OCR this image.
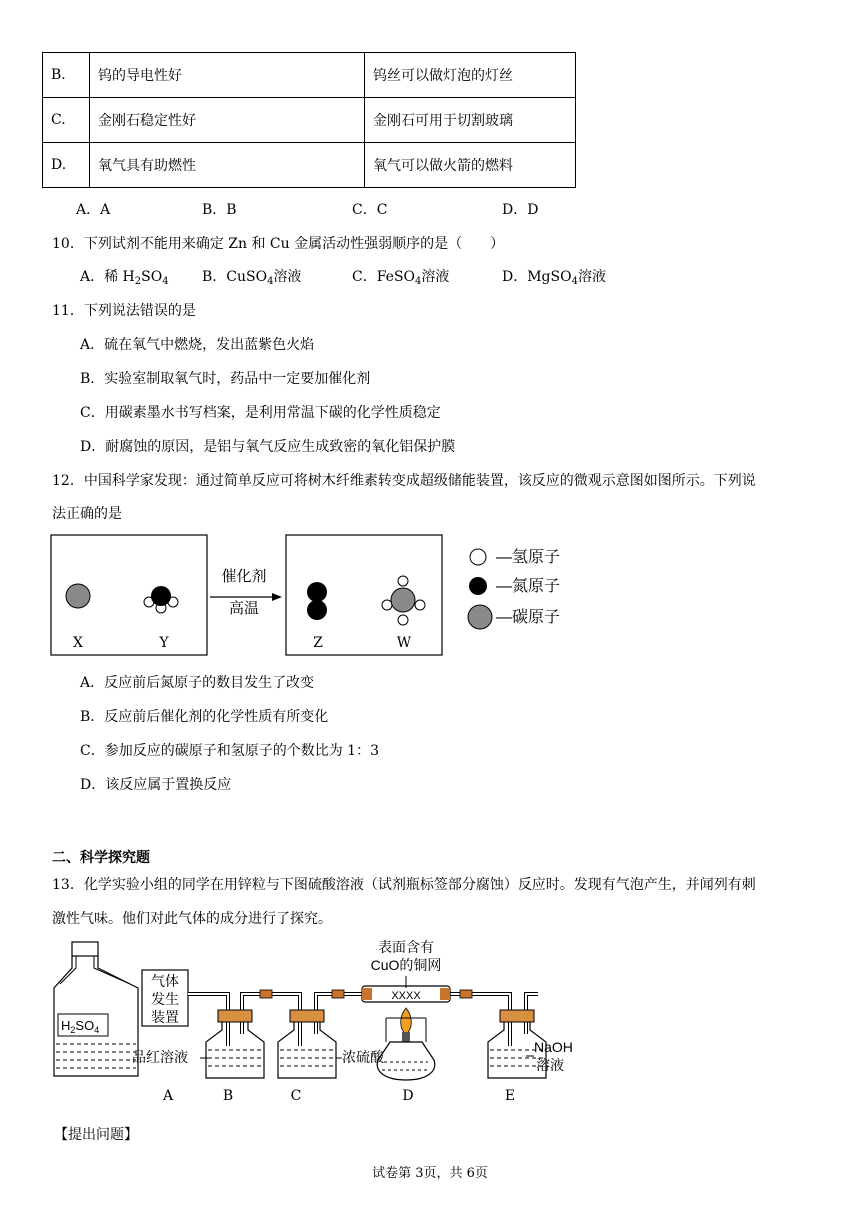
B.	钨的导电性好	钨丝可以做灯泡的灯丝
C.	金刚石稳定性好	金刚石可用于切割玻璃
D.	氧气具有助燃性	氧气可以做火箭的燃料
A．A	B．B	C．C	D．D
10．下列试剂不能用来确定 Zn 和 Cu 金属活动性强弱顺序的是（　　）
A．稀 $H_2SO_4$ B．CuSO$_4$溶液	C．FeSO$_4$溶液	D．MgSO$_4$溶液
11．下列说法错误的是
A．硫在氧气中燃烧，发出蓝紫色火焰
B．实验室制取氧气时，药品中一定要加催化剂
C．用碳素墨水书写档案，是利用常温下碳的化学性质稳定
D．耐腐蚀的原因，是铝与氧气反应生成致密的氧化铝保护膜
12．中国科学家发现：通过简单反应可将树木纤维素转变成超级储能装置，该反应的微观示意图如图所示。下列说
法正确的是
催化剂
高温
X	Y	Z	W
—氢原子
—氮原子
—碳原子
A．反应前后氮原子的数目发生了改变
B．反应前后催化剂的化学性质有所变化
C．参加反应的碳原子和氢原子的个数比为 1：3
D．该反应属于置换反应
二、科学探究题
13．化学实验小组的同学在用锌粒与下图硫酸溶液（试剂瓶标签部分腐蚀）反应时。发现有气泡产生，并闻列有刺
激性气味。他们对此气体的成分进行了探究。
$H_2SO_4$
气体
发生
装置
XXXX
表面含有
CuO的铜网
品红溶液	浓硫酸
NaOH
溶液
A	B	C	D	E
【提出问题】
试卷第 3页，共 6页
